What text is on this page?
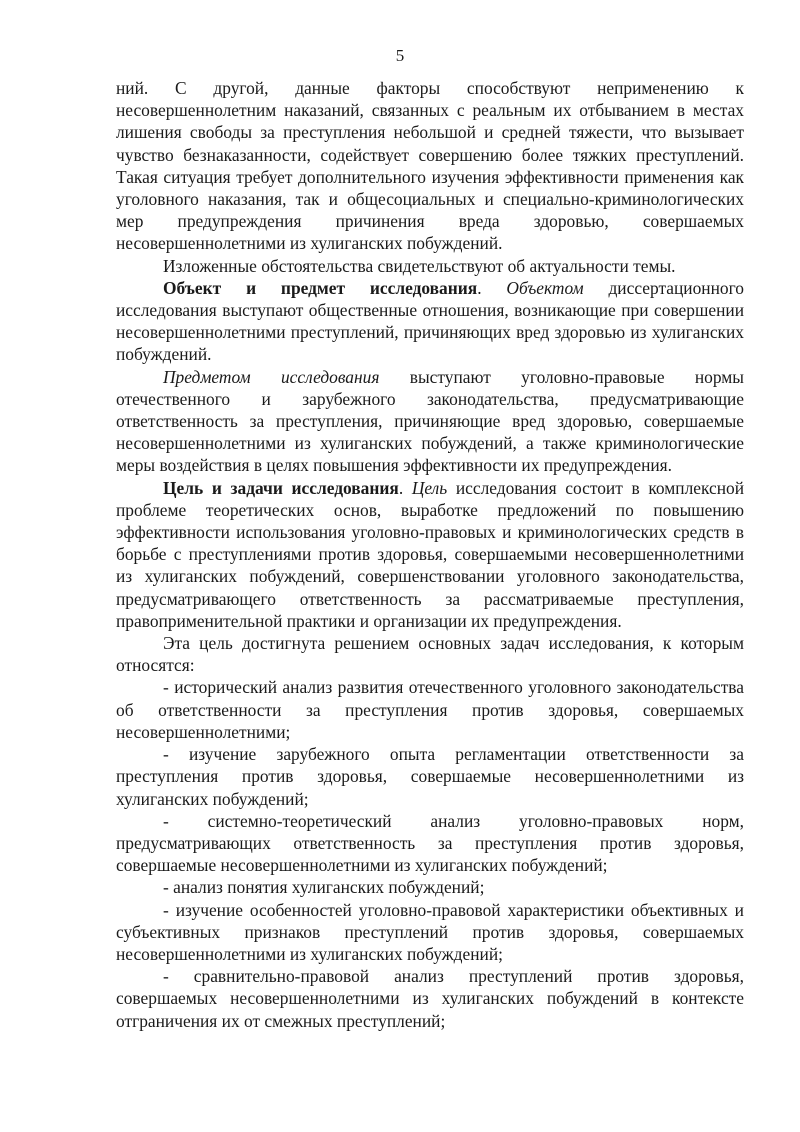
5

ний. С другой, данные факторы способствуют неприменению к несовершеннолетним наказаний, связанных с реальным их отбыванием в местах лишения свободы за преступления небольшой и средней тяжести, что вызывает чувство безнаказанности, содействует совершению более тяжких преступлений. Такая ситуация требует дополнительного изучения эффективности применения как уголовного наказания, так и общесоциальных и специально-криминологических мер предупреждения причинения вреда здоровью, совершаемых несовершеннолетними из хулиганских побуждений.

Изложенные обстоятельства свидетельствуют об актуальности темы.

Объект и предмет исследования. Объектом диссертационного исследования выступают общественные отношения, возникающие при совершении несовершеннолетними преступлений, причиняющих вред здоровью из хулиганских побуждений.

Предметом исследования выступают уголовно-правовые нормы отечественного и зарубежного законодательства, предусматривающие ответственность за преступления, причиняющие вред здоровью, совершаемые несовершеннолетними из хулиганских побуждений, а также криминологические меры воздействия в целях повышения эффективности их предупреждения.

Цель и задачи исследования. Цель исследования состоит в комплексной проблеме теоретических основ, выработке предложений по повышению эффективности использования уголовно-правовых и криминологических средств в борьбе с преступлениями против здоровья, совершаемыми несовершеннолетними из хулиганских побуждений, совершенствовании уголовного законодательства, предусматривающего ответственность за рассматриваемые преступления, правоприменительной практики и организации их предупреждения.

Эта цель достигнута решением основных задач исследования, к которым относятся:

- исторический анализ развития отечественного уголовного законодательства об ответственности за преступления против здоровья, совершаемых несовершеннолетними;

- изучение зарубежного опыта регламентации ответственности за преступления против здоровья, совершаемые несовершеннолетними из хулиганских побуждений;

- системно-теоретический анализ уголовно-правовых норм, предусматривающих ответственность за преступления против здоровья, совершаемые несовершеннолетними из хулиганских побуждений;

- анализ понятия хулиганских побуждений;

- изучение особенностей уголовно-правовой характеристики объективных и субъективных признаков преступлений против здоровья, совершаемых несовершеннолетними из хулиганских побуждений;

- сравнительно-правовой анализ преступлений против здоровья, совершаемых несовершеннолетними из хулиганских побуждений в контексте отграничения их от смежных преступлений;
